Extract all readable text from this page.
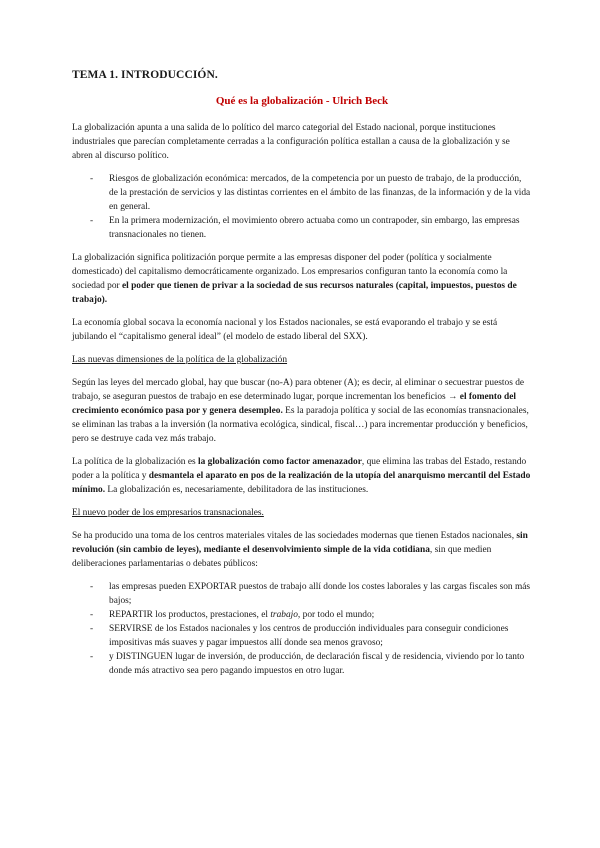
TEMA 1. INTRODUCCIÓN.
Qué es la globalización - Ulrich Beck

La globalización apunta a una salida de lo político del marco categorial del Estado nacional, porque instituciones industriales que parecían completamente cerradas a la configuración política estallan a causa de la globalización y se abren al discurso político.

- Riesgos de globalización económica: mercados, de la competencia por un puesto de trabajo, de la producción, de la prestación de servicios y las distintas corrientes en el ámbito de las finanzas, de la información y de la vida en general.
- En la primera modernización, el movimiento obrero actuaba como un contrapoder, sin embargo, las empresas transnacionales no tienen.

La globalización significa politización porque permite a las empresas disponer del poder (política y socialmente domesticado) del capitalismo democráticamente organizado. Los empresarios configuran tanto la economía como la sociedad por el poder que tienen de privar a la sociedad de sus recursos naturales (capital, impuestos, puestos de trabajo).

La economía global socava la economía nacional y los Estados nacionales, se está evaporando el trabajo y se está jubilando el “capitalismo general ideal” (el modelo de estado liberal del SXX).

Las nuevas dimensiones de la política de la globalización

Según las leyes del mercado global, hay que buscar (no-A) para obtener (A); es decir, al eliminar o secuestrar puestos de trabajo, se aseguran puestos de trabajo en ese determinado lugar, porque incrementan los beneficios → el fomento del crecimiento económico pasa por y genera desempleo. Es la paradoja política y social de las economías transnacionales, se eliminan las trabas a la inversión (la normativa ecológica, sindical, fiscal…) para incrementar producción y beneficios, pero se destruye cada vez más trabajo.

La política de la globalización es la globalización como factor amenazador, que elimina las trabas del Estado, restando poder a la política y desmantela el aparato en pos de la realización de la utopía del anarquismo mercantil del Estado mínimo. La globalización es, necesariamente, debilitadora de las instituciones.

El nuevo poder de los empresarios transnacionales.

Se ha producido una toma de los centros materiales vitales de las sociedades modernas que tienen Estados nacionales, sin revolución (sin cambio de leyes), mediante el desenvolvimiento simple de la vida cotidiana, sin que medien deliberaciones parlamentarias o debates públicos:

- las empresas pueden EXPORTAR puestos de trabajo allí donde los costes laborales y las cargas fiscales son más bajos;
- REPARTIR los productos, prestaciones, el trabajo, por todo el mundo;
- SERVIRSE de los Estados nacionales y los centros de producción individuales para conseguir condiciones impositivas más suaves y pagar impuestos allí donde sea menos gravoso;
- y DISTINGUEN lugar de inversión, de producción, de declaración fiscal y de residencia, viviendo por lo tanto donde más atractivo sea pero pagando impuestos en otro lugar.
